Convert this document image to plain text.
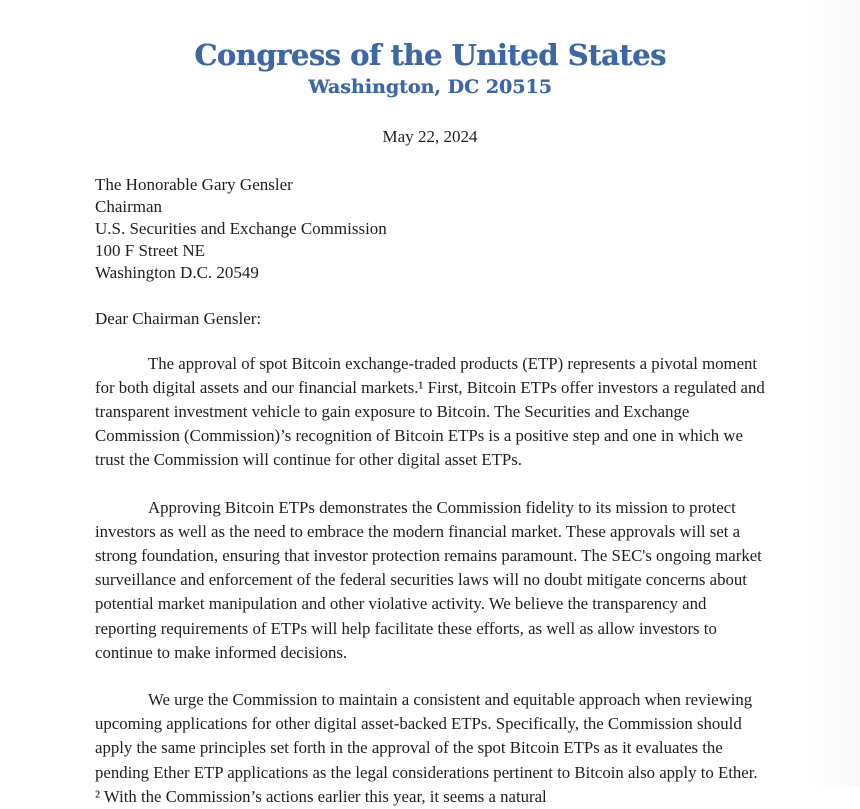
Congress of the United States
Washington, DC 20515
May 22, 2024
The Honorable Gary Gensler
Chairman
U.S. Securities and Exchange Commission
100 F Street NE
Washington D.C. 20549
Dear Chairman Gensler:

The approval of spot Bitcoin exchange-traded products (ETP) represents a pivotal moment for both digital assets and our financial markets.¹ First, Bitcoin ETPs offer investors a regulated and transparent investment vehicle to gain exposure to Bitcoin. The Securities and Exchange Commission (Commission)’s recognition of Bitcoin ETPs is a positive step and one in which we trust the Commission will continue for other digital asset ETPs.

Approving Bitcoin ETPs demonstrates the Commission fidelity to its mission to protect investors as well as the need to embrace the modern financial market. These approvals will set a strong foundation, ensuring that investor protection remains paramount. The SEC's ongoing market surveillance and enforcement of the federal securities laws will no doubt mitigate concerns about potential market manipulation and other violative activity. We believe the transparency and reporting requirements of ETPs will help facilitate these efforts, as well as allow investors to continue to make informed decisions.

We urge the Commission to maintain a consistent and equitable approach when reviewing upcoming applications for other digital asset-backed ETPs. Specifically, the Commission should apply the same principles set forth in the approval of the spot Bitcoin ETPs as it evaluates the pending Ether ETP applications as the legal considerations pertinent to Bitcoin also apply to Ether. ² With the Commission’s actions earlier this year, it seems a natural
